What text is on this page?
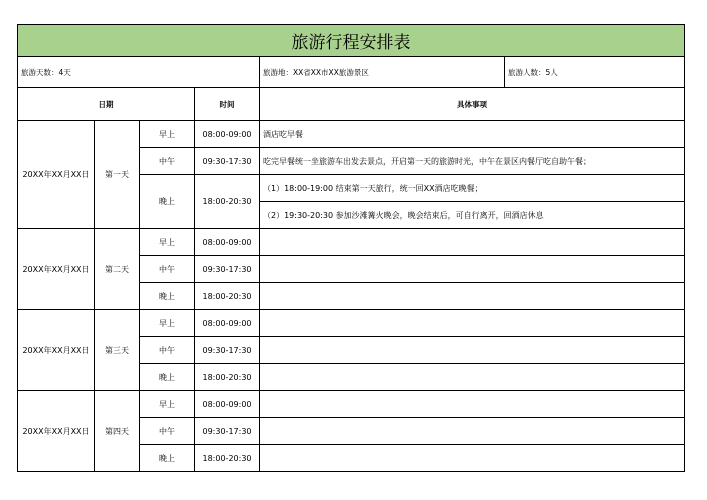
旅游行程安排表					
旅游天数：4天				旅游地：XX省XX市XX旅游景区	旅游人数：5人
日期			时间	具体事项	
20XX年XX月XX日	第一天	早上	08:00-09:00	酒店吃早餐	
		中午	09:30-17:30	吃完早餐统一坐旅游车出发去景点，开启第一天的旅游时光，中午在景区内餐厅吃自助午餐；	
		晚上	18:00-20:30	（1）18:00-19:00 结束第一天旅行，统一回XX酒店吃晚餐；	
				（2）19:30-20:30 参加沙滩篝火晚会，晚会结束后，可自行离开，回酒店休息	
20XX年XX月XX日	第二天	早上	08:00-09:00		
		中午	09:30-17:30		
		晚上	18:00-20:30		
20XX年XX月XX日	第三天	早上	08:00-09:00		
		中午	09:30-17:30		
		晚上	18:00-20:30		
20XX年XX月XX日	第四天	早上	08:00-09:00		
		中午	09:30-17:30		
		晚上	18:00-20:30		
